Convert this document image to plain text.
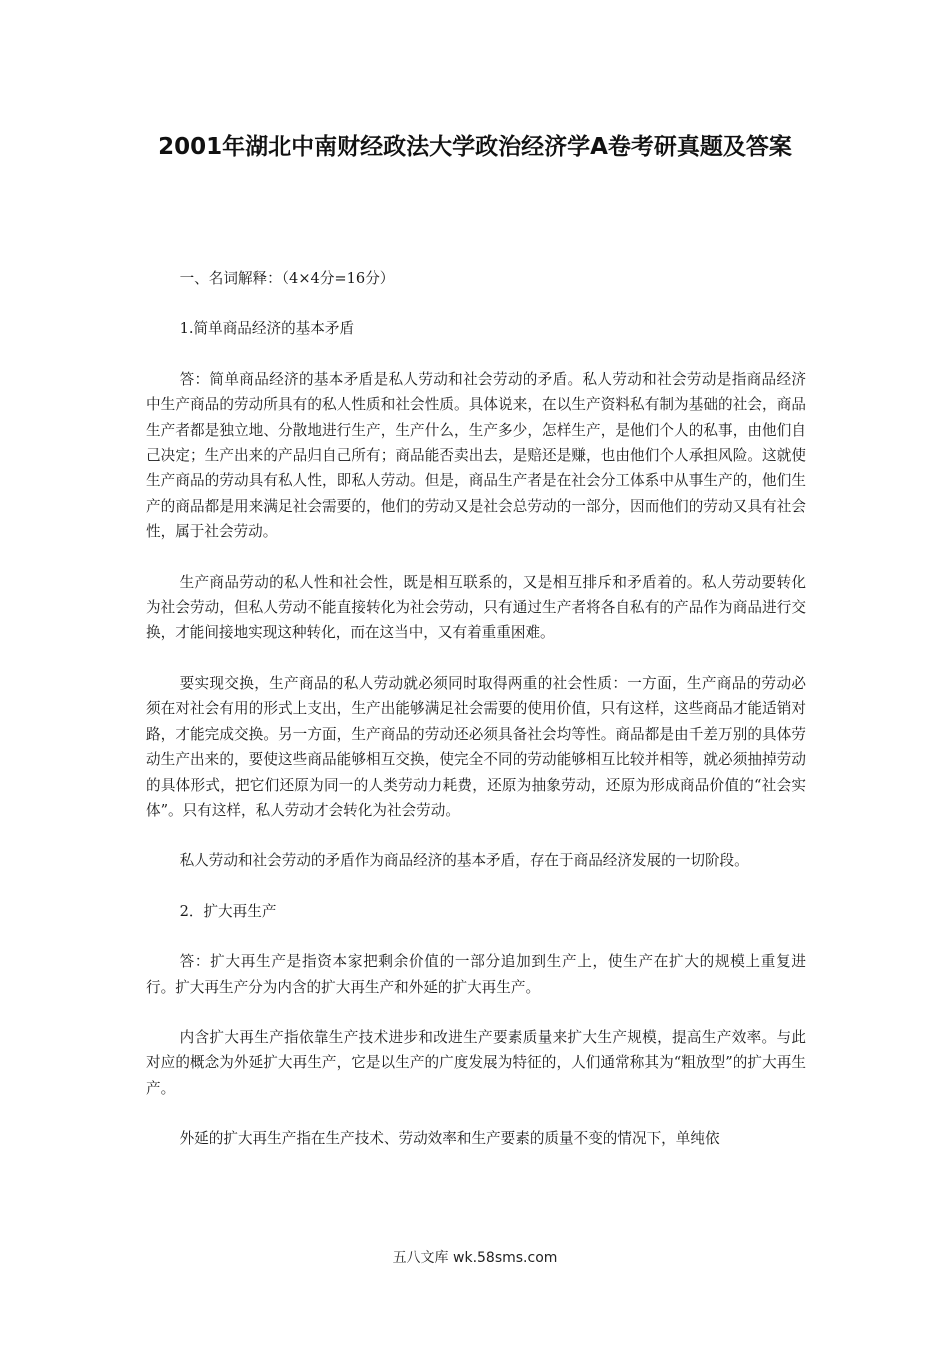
2001年湖北中南财经政法大学政治经济学A卷考研真题及答案

一、名词解释：（4×4分=16分）

1.简单商品经济的基本矛盾

答：简单商品经济的基本矛盾是私人劳动和社会劳动的矛盾。私人劳动和社会劳动是指商品经济中生产商品的劳动所具有的私人性质和社会性质。具体说来，在以生产资料私有制为基础的社会，商品生产者都是独立地、分散地进行生产，生产什么，生产多少，怎样生产，是他们个人的私事，由他们自己决定；生产出来的产品归自己所有；商品能否卖出去，是赔还是赚，也由他们个人承担风险。这就使生产商品的劳动具有私人性，即私人劳动。但是，商品生产者是在社会分工体系中从事生产的，他们生产的商品都是用来满足社会需要的，他们的劳动又是社会总劳动的一部分，因而他们的劳动又具有社会性，属于社会劳动。

生产商品劳动的私人性和社会性，既是相互联系的，又是相互排斥和矛盾着的。私人劳动要转化为社会劳动，但私人劳动不能直接转化为社会劳动，只有通过生产者将各自私有的产品作为商品进行交换，才能间接地实现这种转化，而在这当中，又有着重重困难。

要实现交换，生产商品的私人劳动就必须同时取得两重的社会性质：一方面，生产商品的劳动必须在对社会有用的形式上支出，生产出能够满足社会需要的使用价值，只有这样，这些商品才能适销对路，才能完成交换。另一方面，生产商品的劳动还必须具备社会均等性。商品都是由千差万别的具体劳动生产出来的，要使这些商品能够相互交换，使完全不同的劳动能够相互比较并相等，就必须抽掉劳动的具体形式，把它们还原为同一的人类劳动力耗费，还原为抽象劳动，还原为形成商品价值的“社会实体”。只有这样，私人劳动才会转化为社会劳动。

私人劳动和社会劳动的矛盾作为商品经济的基本矛盾，存在于商品经济发展的一切阶段。

2．扩大再生产

答：扩大再生产是指资本家把剩余价值的一部分追加到生产上，使生产在扩大的规模上重复进行。扩大再生产分为内含的扩大再生产和外延的扩大再生产。

内含扩大再生产指依靠生产技术进步和改进生产要素质量来扩大生产规模，提高生产效率。与此对应的概念为外延扩大再生产，它是以生产的广度发展为特征的，人们通常称其为“粗放型”的扩大再生产。

外延的扩大再生产指在生产技术、劳动效率和生产要素的质量不变的情况下，单纯依

五八文库 wk.58sms.com
